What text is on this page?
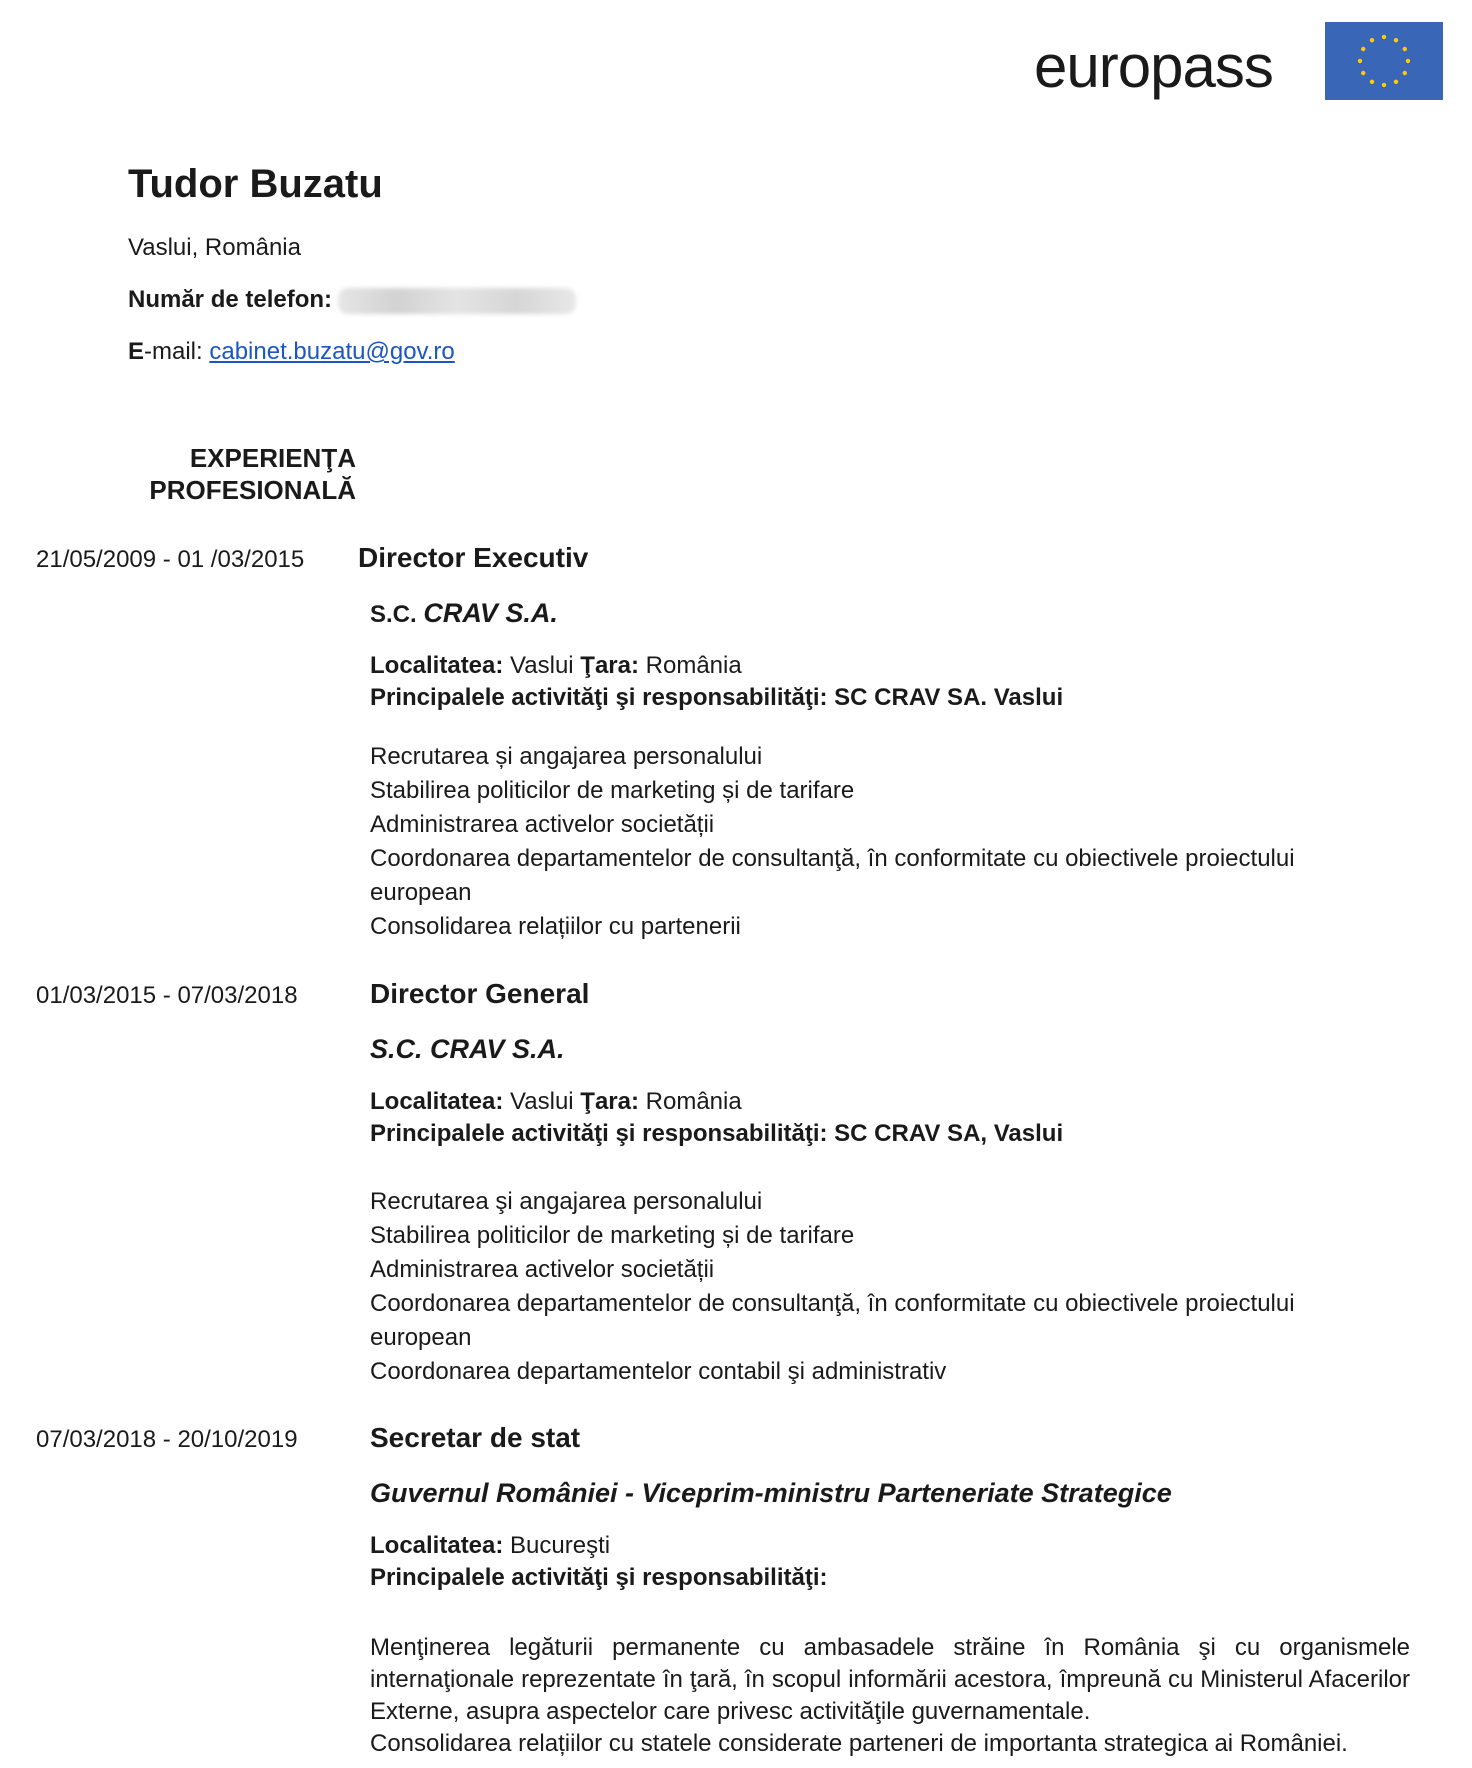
europass
Tudor Buzatu
Vaslui, România
Număr de telefon:
E-mail: cabinet.buzatu@gov.ro
EXPERIENŢA
PROFESIONALĂ
21/05/2009 - 01 /03/2015 Director Executiv
S.C. CRAV S.A.
Localitatea: Vaslui Ţara: România
Principalele activităţi şi responsabilităţi: SC CRAV SA. Vaslui
Recrutarea și angajarea personalului
Stabilirea politicilor de marketing și de tarifare
Administrarea activelor societății
Coordonarea departamentelor de consultanţă, în conformitate cu obiectivele proiectului
european
Consolidarea relațiilor cu partenerii
01/03/2015 - 07/03/2018	Director General
S.C. CRAV S.A.
Localitatea: Vaslui Ţara: România
Principalele activităţi şi responsabilităţi: SC CRAV SA, Vaslui
Recrutarea şi angajarea personalului
Stabilirea politicilor de marketing și de tarifare
Administrarea activelor societății
Coordonarea departamentelor de consultanţă, în conformitate cu obiectivele proiectului
european
Coordonarea departamentelor contabil şi administrativ
07/03/2018 - 20/10/2019	Secretar de stat
Guvernul României - Viceprim-ministru Parteneriate Strategice
Localitatea: Bucureşti
Principalele activităţi şi responsabilităţi:
Menţinerea legăturii permanente cu ambasadele străine în România şi cu organismele internaţionale reprezentate în ţară, în scopul informării acestora, împreună cu Ministerul Afacerilor Externe, asupra aspectelor care privesc activităţile guvernamentale.
Consolidarea relațiilor cu statele considerate parteneri de importanta strategica ai României.
